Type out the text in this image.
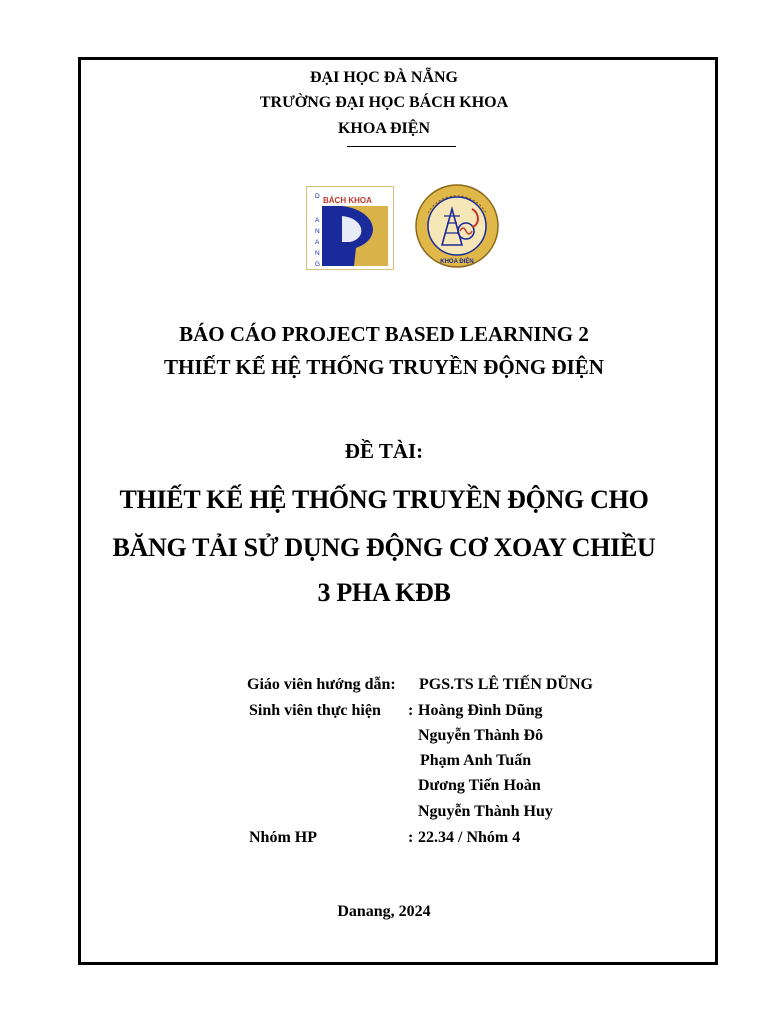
ĐẠI HỌC ĐÀ NẴNG
TRƯỜNG ĐẠI HỌC BÁCH KHOA
KHOA ĐIỆN
D
A
N
A
N
G
BÁCH KHOA
KHOA ĐIỆN
BÁO CÁO PROJECT BASED LEARNING 2
THIẾT KẾ HỆ THỐNG TRUYỀN ĐỘNG ĐIỆN
ĐỀ TÀI:
THIẾT KẾ HỆ THỐNG TRUYỀN ĐỘNG CHO
BĂNG TẢI SỬ DỤNG ĐỘNG CƠ XOAY CHIỀU
3 PHA KĐB
Giáo viên hướng dẫn: PGS.TS LÊ TIẾN DŨNG
Sinh viên thực hiện : Hoàng Đình Dũng
Nguyễn Thành Đô
Phạm Anh Tuấn
Dương Tiến Hoàn
Nguyễn Thành Huy
Nhóm HP	: 22.34 / Nhóm 4
Danang, 2024
